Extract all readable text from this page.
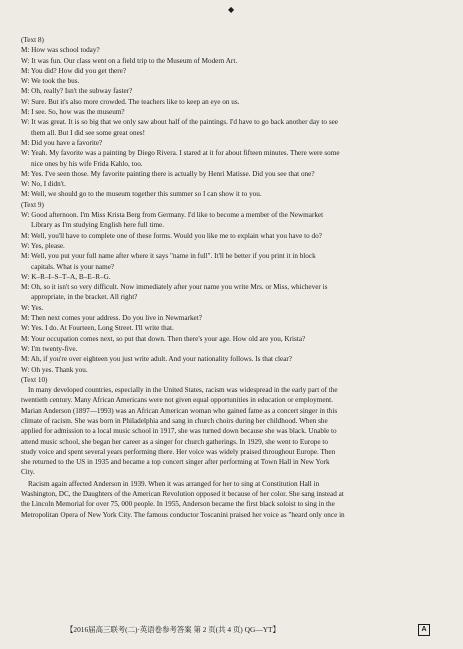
◆
(Text 8)
M: How was school today?
W: It was fun. Our class went on a field trip to the Museum of Modern Art.
M: You did? How did you get there?
W: We took the bus.
M: Oh, really? Isn't the subway faster?
W: Sure. But it's also more crowded. The teachers like to keep an eye on us.
M: I see. So, how was the museum?
W: It was great. It is so big that we only saw about half of the paintings. I'd have to go back another day to see
them all. But I did see some great ones!
M: Did you have a favorite?
W: Yeah. My favorite was a painting by Diego Rivera. I stared at it for about fifteen minutes. There were some
nice ones by his wife Frida Kahlo, too.
M: Yes. I've seen those. My favorite painting there is actually by Henri Matisse. Did you see that one?
W: No, I didn't.
M: Well, we should go to the museum together this summer so I can show it to you.
(Text 9)
W: Good afternoon. I'm Miss Krista Berg from Germany. I'd like to become a member of the Newmarket
Library as I'm studying English here full time.
M: Well, you'll have to complete one of these forms. Would you like me to explain what you have to do?
W: Yes, please.
M: Well, you put your full name after where it says "name in full". It'll be better if you print it in block
capitals. What is your name?
W: K–R–I–S–T–A, B–E–R–G.
M: Oh, so it isn't so very difficult. Now immediately after your name you write Mrs. or Miss, whichever is
appropriate, in the bracket. All right?
W: Yes.
M: Then next comes your address. Do you live in Newmarket?
W: Yes. I do. At Fourteen, Long Street. I'll write that.
M: Your occupation comes next, so put that down. Then there's your age. How old are you, Krista?
W: I'm twenty-five.
M: Ah, if you're over eighteen you just write adult. And your nationality follows. Is that clear?
W: Oh yes. Thank you.
(Text 10)
In many developed countries, especially in the United States, racism was widespread in the early part of the
twentieth century. Many African Americans were not given equal opportunities in education or employment.
Marian Anderson (1897—1993) was an African American woman who gained fame as a concert singer in this
climate of racism. She was born in Philadelphia and sang in church choirs during her childhood. When she
applied for admission to a local music school in 1917, she was turned down because she was black. Unable to
attend music school, she began her career as a singer for church gatherings. In 1929, she went to Europe to
study voice and spent several years performing there. Her voice was widely praised throughout Europe. Then
she returned to the US in 1935 and became a top concert singer after performing at Town Hall in New York
City.
Racism again affected Anderson in 1939. When it was arranged for her to sing at Constitution Hall in
Washington, DC, the Daughters of the American Revolution opposed it because of her color. She sang instead at
the Lincoln Memorial for over 75, 000 people. In 1955, Anderson became the first black soloist to sing in the
Metropolitan Opera of New York City. The famous conductor Toscanini praised her voice as "heard only once in
【2016届高三联考(二)·英语卷参考答案 第 2 页(共 4 页) QG—YT】	A
